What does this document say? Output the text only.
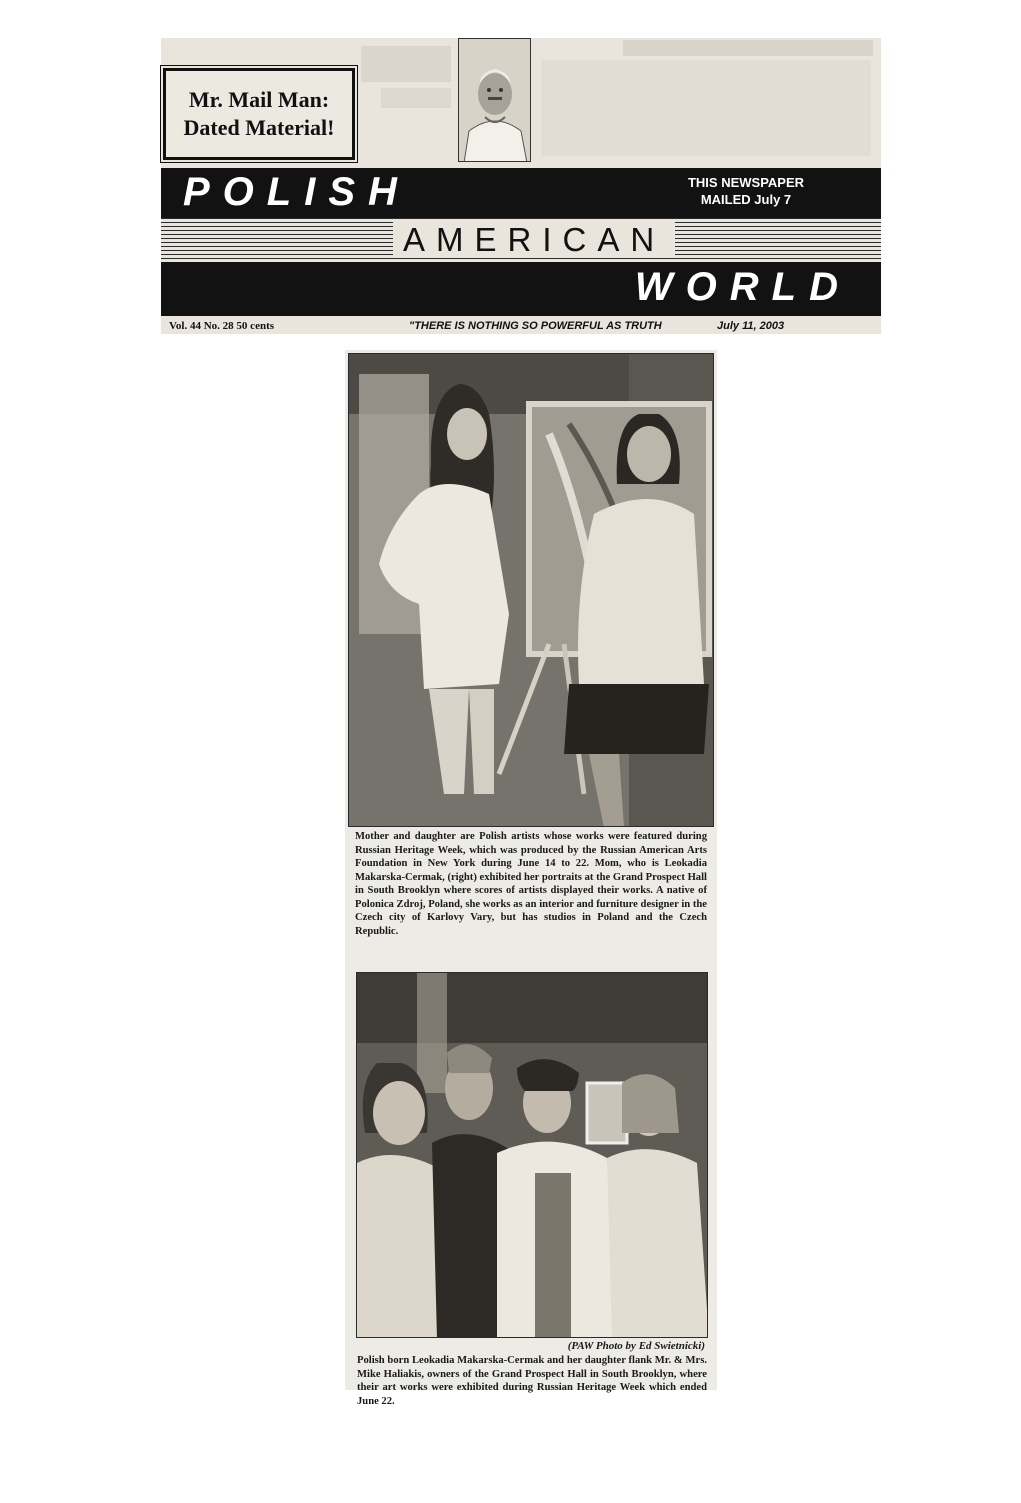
Mr. Mail Man:
Dated Material!
POLISH	THIS NEWSPAPER
MAILED July 7
AMERICAN
WORLD
Vol. 44 No. 28 50 cents	"THERE IS NOTHING SO POWERFUL AS TRUTH	July 11, 2003
Mother and daughter are Polish artists whose works were featured during Russian Heritage Week, which was produced by the Russian American Arts Foundation in New York during June 14 to 22. Mom, who is Leokadia Makarska-Cermak, (right) exhibited her portraits at the Grand Prospect Hall in South Brooklyn where scores of artists displayed their works. A native of Polonica Zdroj, Poland, she works as an interior and furniture designer in the Czech city of Karlovy Vary, but has studios in Poland and the Czech Republic.
(PAW Photo by Ed Swietnicki)
Polish born Leokadia Makarska-Cermak and her daughter flank Mr. & Mrs. Mike Haliakis, owners of the Grand Prospect Hall in South Brooklyn, where their art works were exhibited during Russian Heritage Week which ended June 22.
